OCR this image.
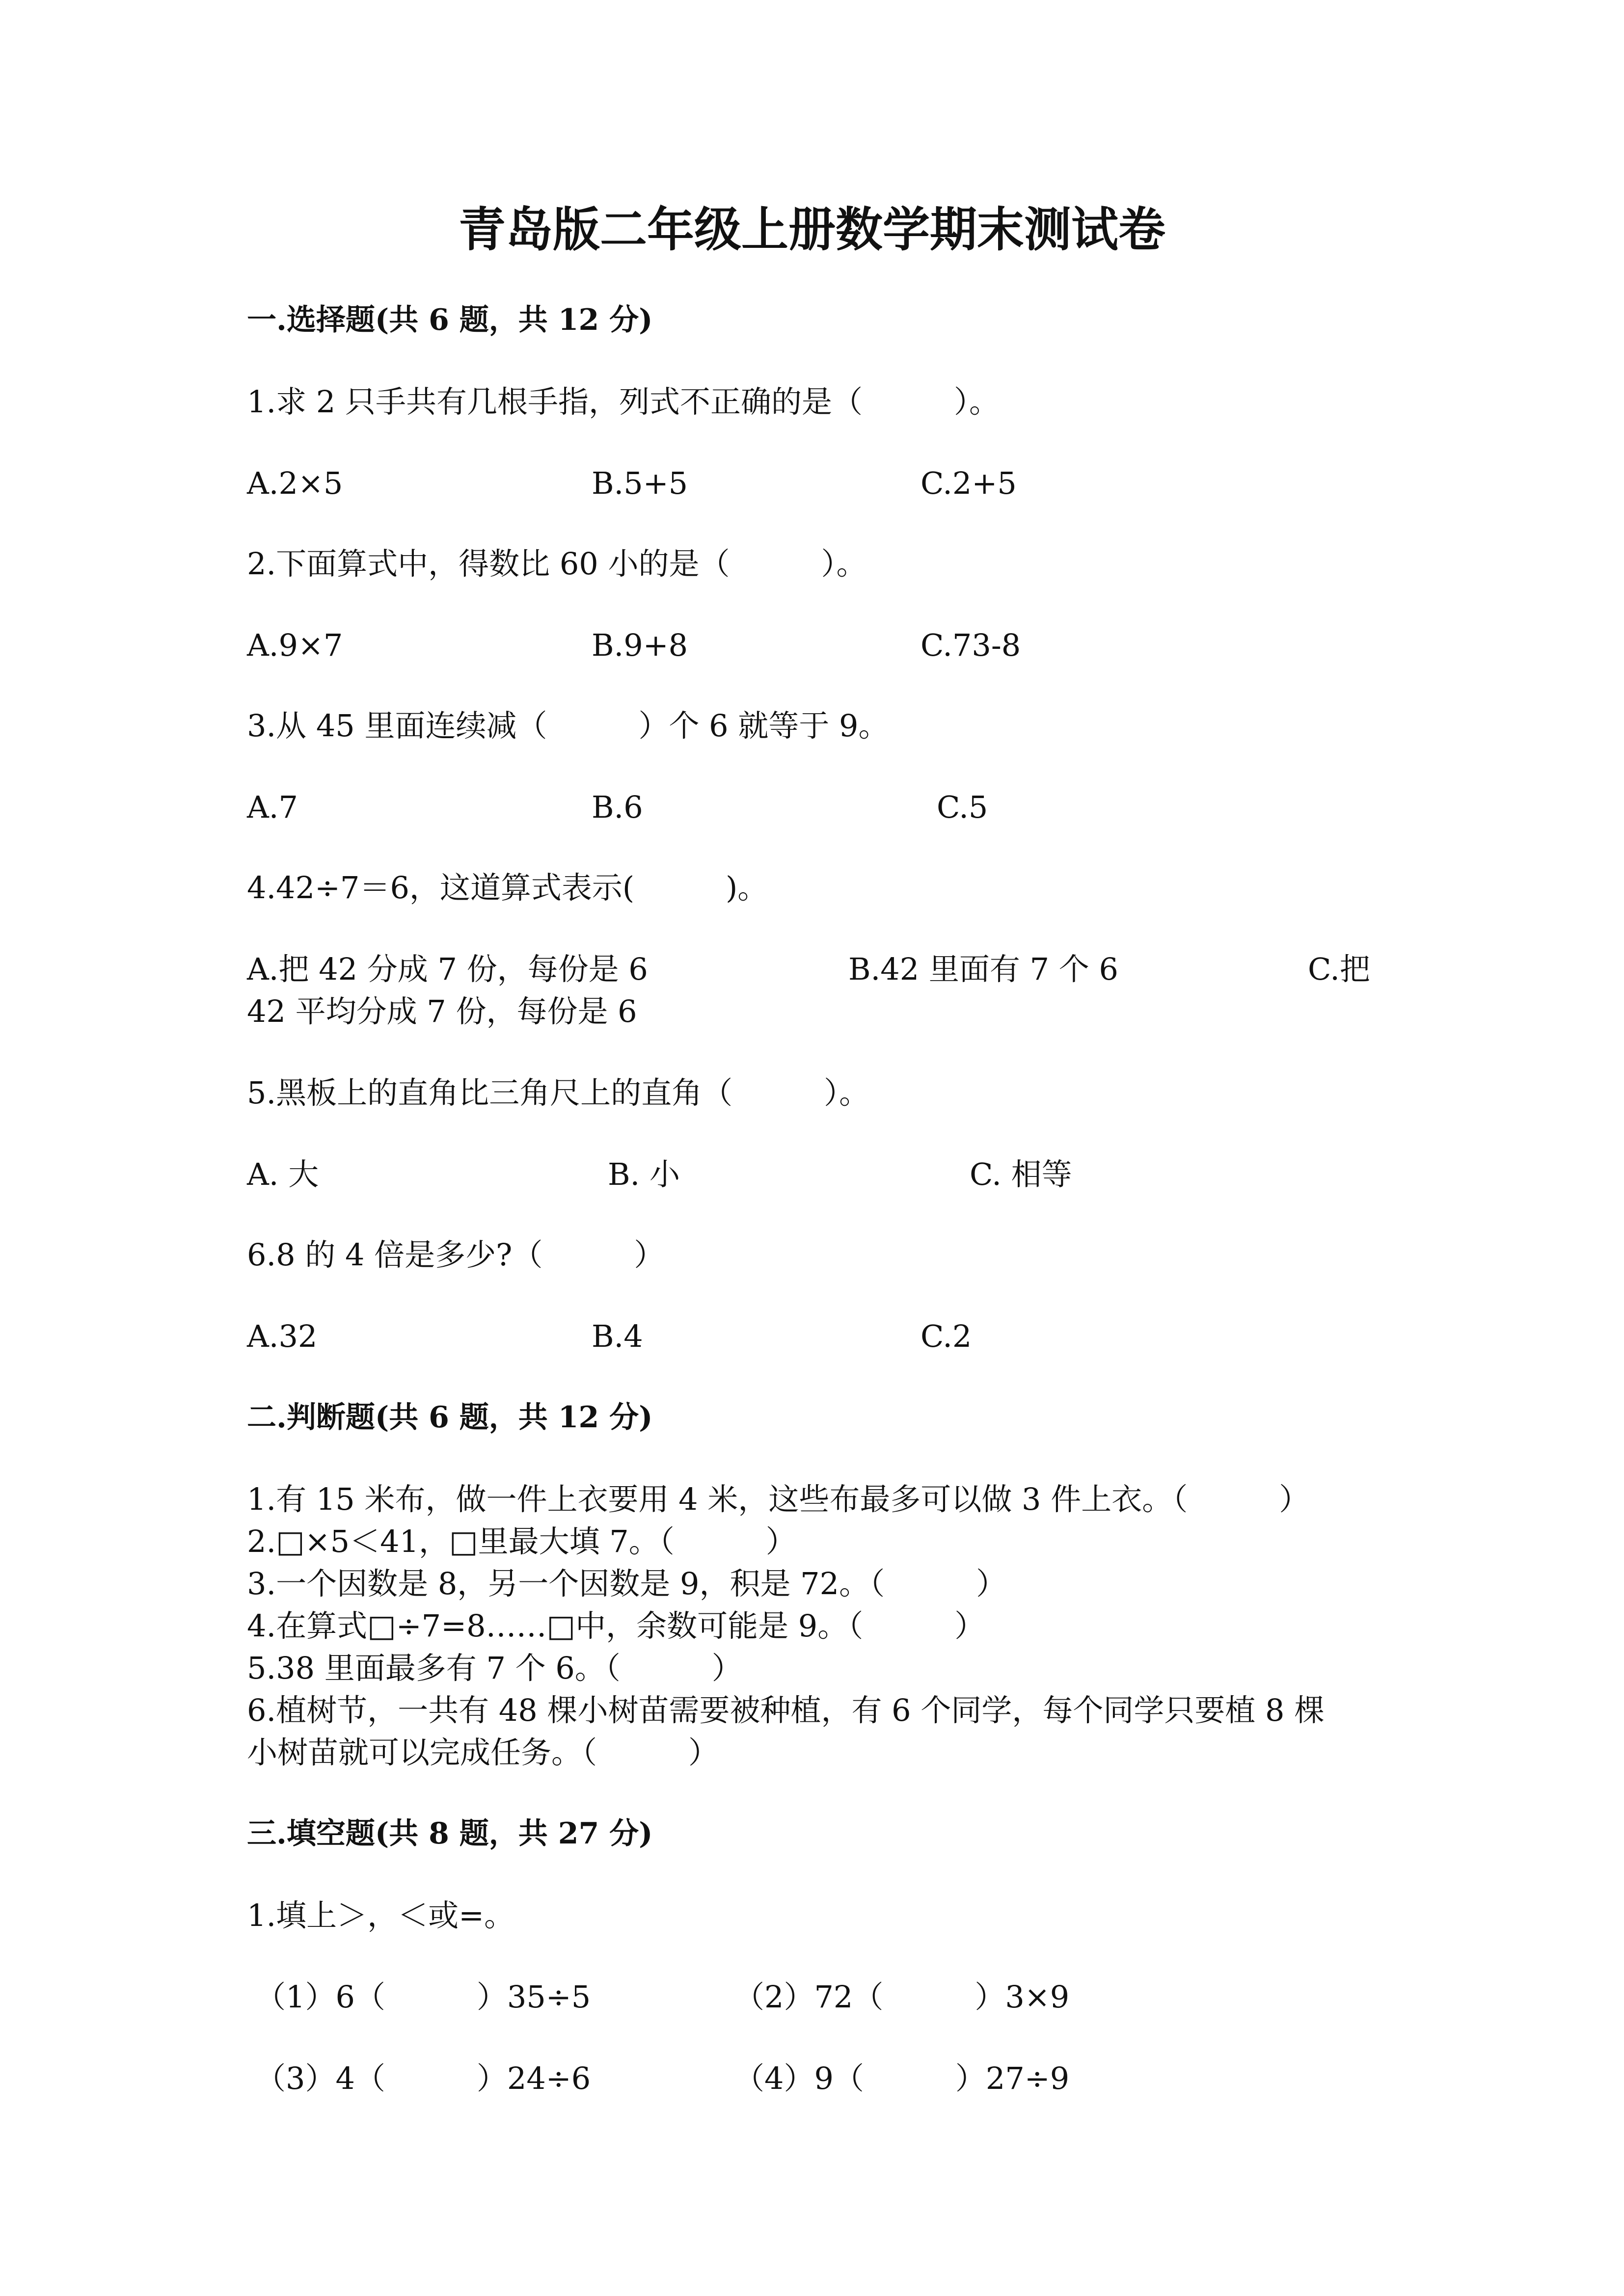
青岛版二年级上册数学期末测试卷
一.选择题(共 6 题，共 12 分)
1.求 2 只手共有几根手指，列式不正确的是（　　　）。
A.2×5	B.5+5	C.2+5
2.下面算式中，得数比 60 小的是（　　　）。
A.9×7	B.9+8	C.73-8
3.从 45 里面连续减（　　　）个 6 就等于 9。
A.7	B.6	C.5
4.42÷7＝6，这道算式表示(　　　)。
A.把 42 分成 7 份，每份是 6	B.42 里面有 7 个 6	C.把
42 平均分成 7 份，每份是 6
5.黑板上的直角比三角尺上的直角（　　　）。
A. 大	B. 小	C. 相等
6.8 的 4 倍是多少?（　　　）
A.32	B.4	C.2
二.判断题(共 6 题，共 12 分)
1.有 15 米布，做一件上衣要用 4 米，这些布最多可以做 3 件上衣。（　　　）
2.□×5＜41，□里最大填 7。（　　　）
3.一个因数是 8，另一个因数是 9，积是 72。（　　　）
4.在算式□÷7=8……□中，余数可能是 9。（　　　）
5.38 里面最多有 7 个 6。（　　　）
6.植树节，一共有 48 棵小树苗需要被种植，有 6 个同学，每个同学只要植 8 棵
小树苗就可以完成任务。（　　　）
三.填空题(共 8 题，共 27 分)
1.填上＞，＜或=。
（1）6（　　　）35÷5	（2）72（　　　）3×9
（3）4（　　　）24÷6	（4）9（　　　）27÷9
